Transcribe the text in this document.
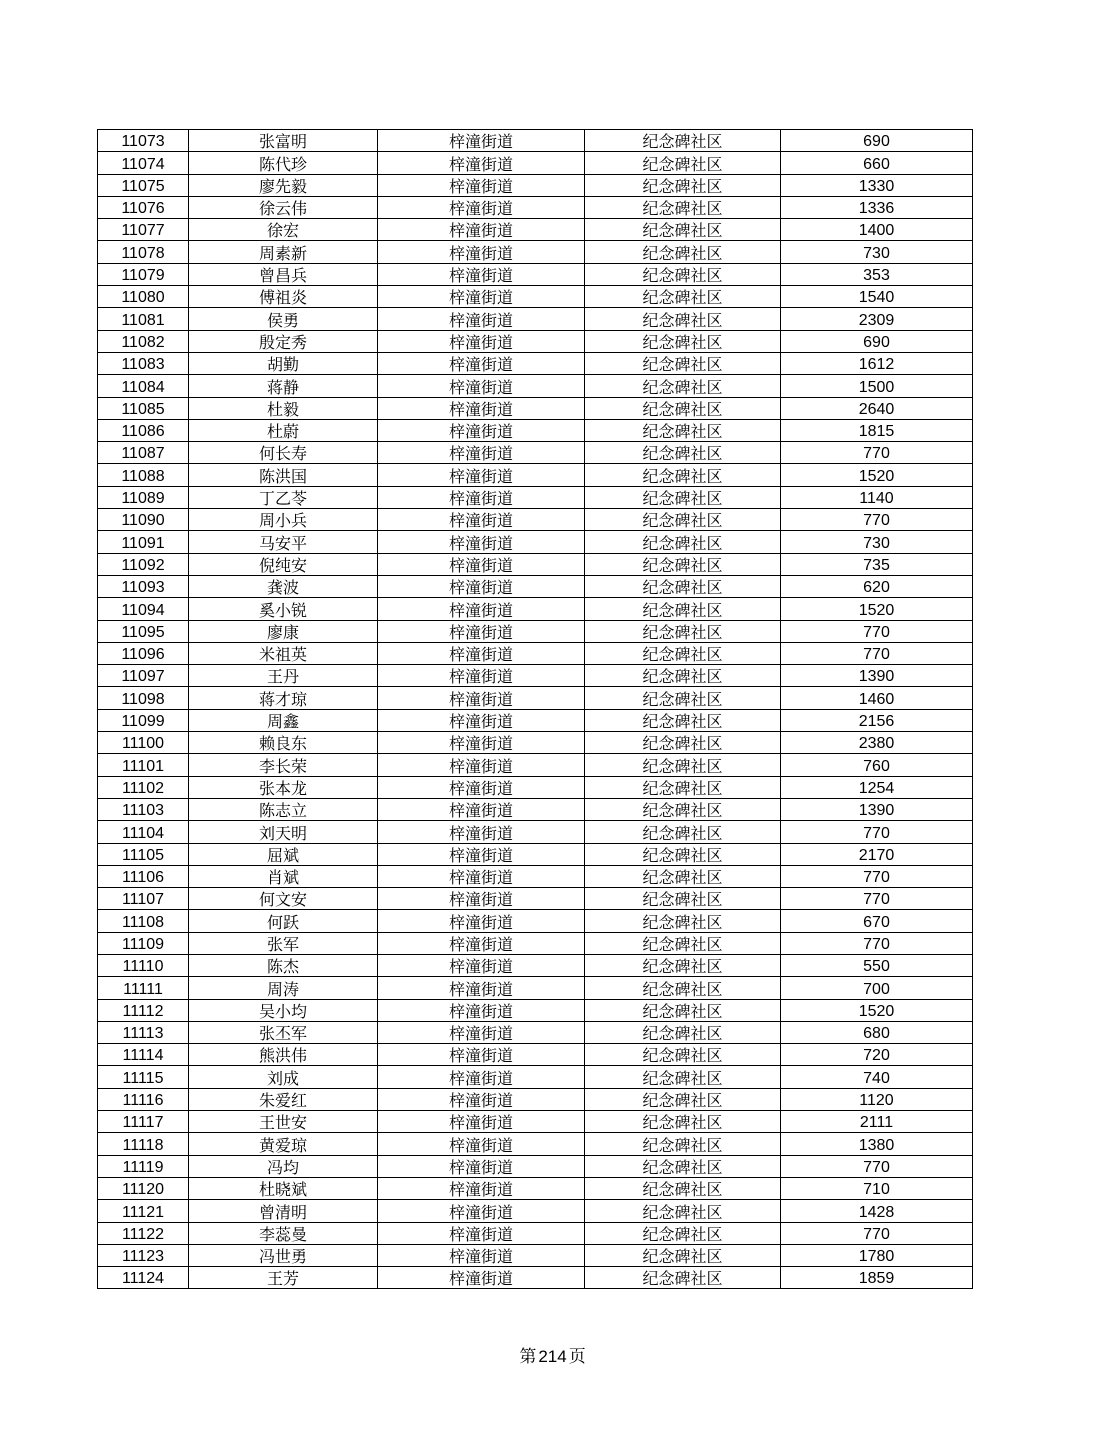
11073	张富明	梓潼街道	纪念碑社区	690
11074	陈代珍	梓潼街道	纪念碑社区	660
11075	廖先毅	梓潼街道	纪念碑社区	1330
11076	徐云伟	梓潼街道	纪念碑社区	1336
11077	徐宏	梓潼街道	纪念碑社区	1400
11078	周素新	梓潼街道	纪念碑社区	730
11079	曾昌兵	梓潼街道	纪念碑社区	353
11080	傅祖炎	梓潼街道	纪念碑社区	1540
11081	侯勇	梓潼街道	纪念碑社区	2309
11082	殷定秀	梓潼街道	纪念碑社区	690
11083	胡勤	梓潼街道	纪念碑社区	1612
11084	蒋静	梓潼街道	纪念碑社区	1500
11085	杜毅	梓潼街道	纪念碑社区	2640
11086	杜蔚	梓潼街道	纪念碑社区	1815
11087	何长寿	梓潼街道	纪念碑社区	770
11088	陈洪国	梓潼街道	纪念碑社区	1520
11089	丁乙苓	梓潼街道	纪念碑社区	1140
11090	周小兵	梓潼街道	纪念碑社区	770
11091	马安平	梓潼街道	纪念碑社区	730
11092	倪纯安	梓潼街道	纪念碑社区	735
11093	龚波	梓潼街道	纪念碑社区	620
11094	奚小锐	梓潼街道	纪念碑社区	1520
11095	廖康	梓潼街道	纪念碑社区	770
11096	米祖英	梓潼街道	纪念碑社区	770
11097	王丹	梓潼街道	纪念碑社区	1390
11098	蒋才琼	梓潼街道	纪念碑社区	1460
11099	周鑫	梓潼街道	纪念碑社区	2156
11100	赖良东	梓潼街道	纪念碑社区	2380
11101	李长荣	梓潼街道	纪念碑社区	760
11102	张本龙	梓潼街道	纪念碑社区	1254
11103	陈志立	梓潼街道	纪念碑社区	1390
11104	刘天明	梓潼街道	纪念碑社区	770
11105	屈斌	梓潼街道	纪念碑社区	2170
11106	肖斌	梓潼街道	纪念碑社区	770
11107	何文安	梓潼街道	纪念碑社区	770
11108	何跃	梓潼街道	纪念碑社区	670
11109	张军	梓潼街道	纪念碑社区	770
11110	陈杰	梓潼街道	纪念碑社区	550
11111	周涛	梓潼街道	纪念碑社区	700
11112	吴小均	梓潼街道	纪念碑社区	1520
11113	张丕军	梓潼街道	纪念碑社区	680
11114	熊洪伟	梓潼街道	纪念碑社区	720
11115	刘成	梓潼街道	纪念碑社区	740
11116	朱爱红	梓潼街道	纪念碑社区	1120
11117	王世安	梓潼街道	纪念碑社区	2111
11118	黄爱琼	梓潼街道	纪念碑社区	1380
11119	冯均	梓潼街道	纪念碑社区	770
11120	杜晓斌	梓潼街道	纪念碑社区	710
11121	曾清明	梓潼街道	纪念碑社区	1428
11122	李蕊曼	梓潼街道	纪念碑社区	770
11123	冯世勇	梓潼街道	纪念碑社区	1780
11124	王芳	梓潼街道	纪念碑社区	1859
第 214 页
